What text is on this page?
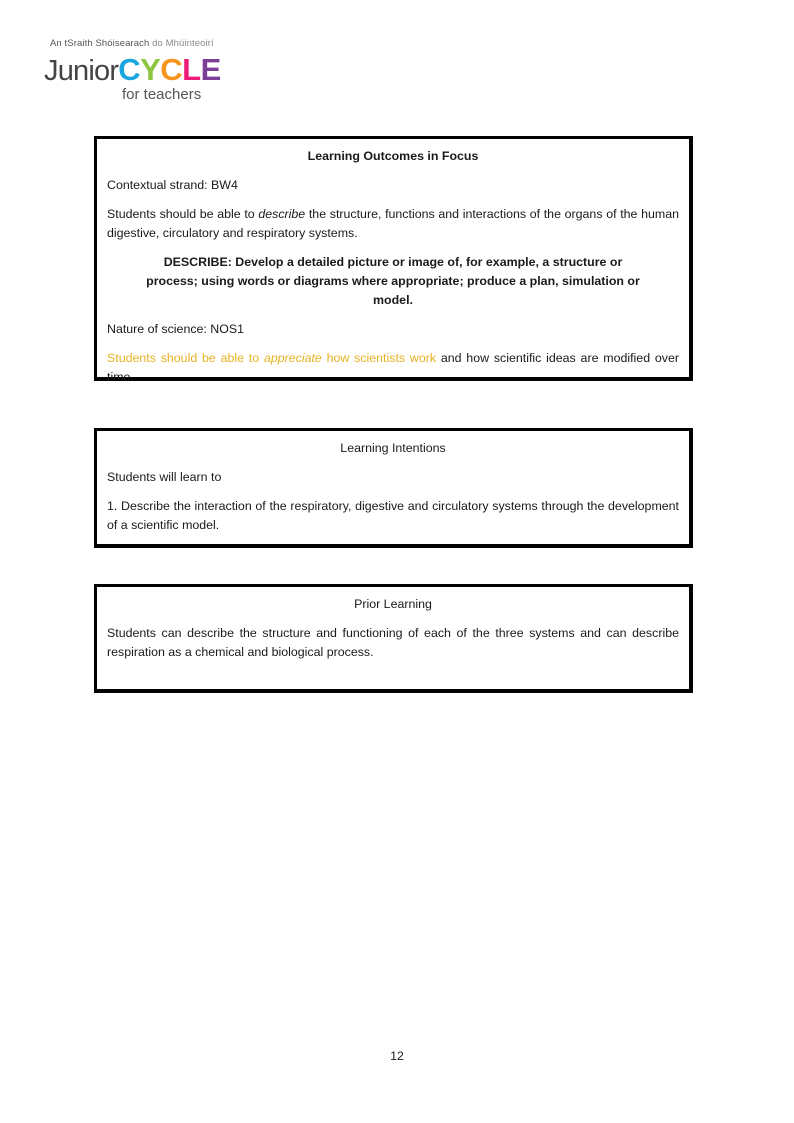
An tSraith Shóisearach do Mhúinteoirí
JuniorCYCLE
for teachers

Learning Outcomes in Focus

Contextual strand: BW4

Students should be able to describe the structure, functions and interactions of the organs of the human digestive, circulatory and respiratory systems.

DESCRIBE: Develop a detailed picture or image of, for example, a structure or process; using words or diagrams where appropriate; produce a plan, simulation or model.

Nature of science: NOS1

Students should be able to appreciate how scientists work and how scientific ideas are modified over time.

Learning Intentions

Students will learn to

1. Describe the interaction of the respiratory, digestive and circulatory systems through the development of a scientific model.

Prior Learning

Students can describe the structure and functioning of each of the three systems and can describe respiration as a chemical and biological process.

12
